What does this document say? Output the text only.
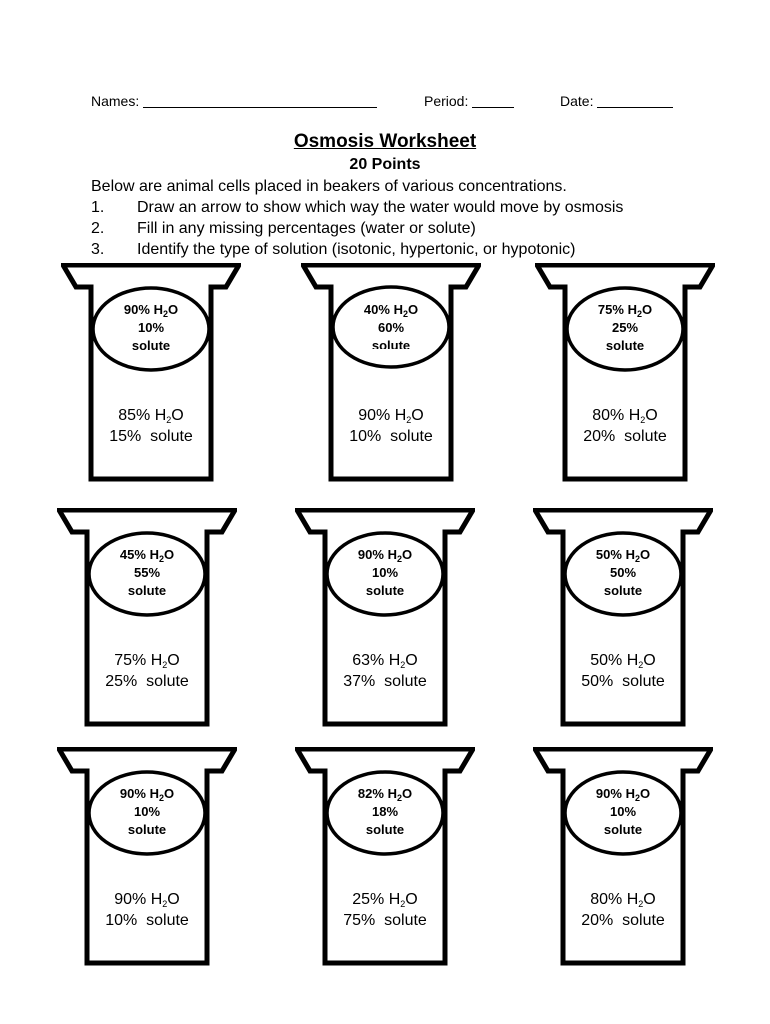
Names:	Period:	Date:
Osmosis Worksheet
20 Points
Below are animal cells placed in beakers of various concentrations.
1. Draw an arrow to show which way the water would move by osmosis
2. Fill in any missing percentages (water or solute)
3. Identify the type of solution (isotonic, hypertonic, or hypotonic)
90% $H_2O$
10%
solute
85% $H_2O$
15% solute
40% $H_2O$
60%
solute
90% $H_2O$
10% solute
75% $H_2O$
25%
solute
80% $H_2O$
20% solute
45% $H_2O$
55%
solute
75% $H_2O$
25% solute
90% $H_2O$
10%
solute
63% $H_2O$
37% solute
50% $H_2O$
50%
solute
50% $H_2O$
50% solute
90% $H_2O$
10%
solute
90% $H_2O$
10% solute
82% $H_2O$
18%
solute
25% $H_2O$
75% solute
90% $H_2O$
10%
solute
80% $H_2O$
20% solute
